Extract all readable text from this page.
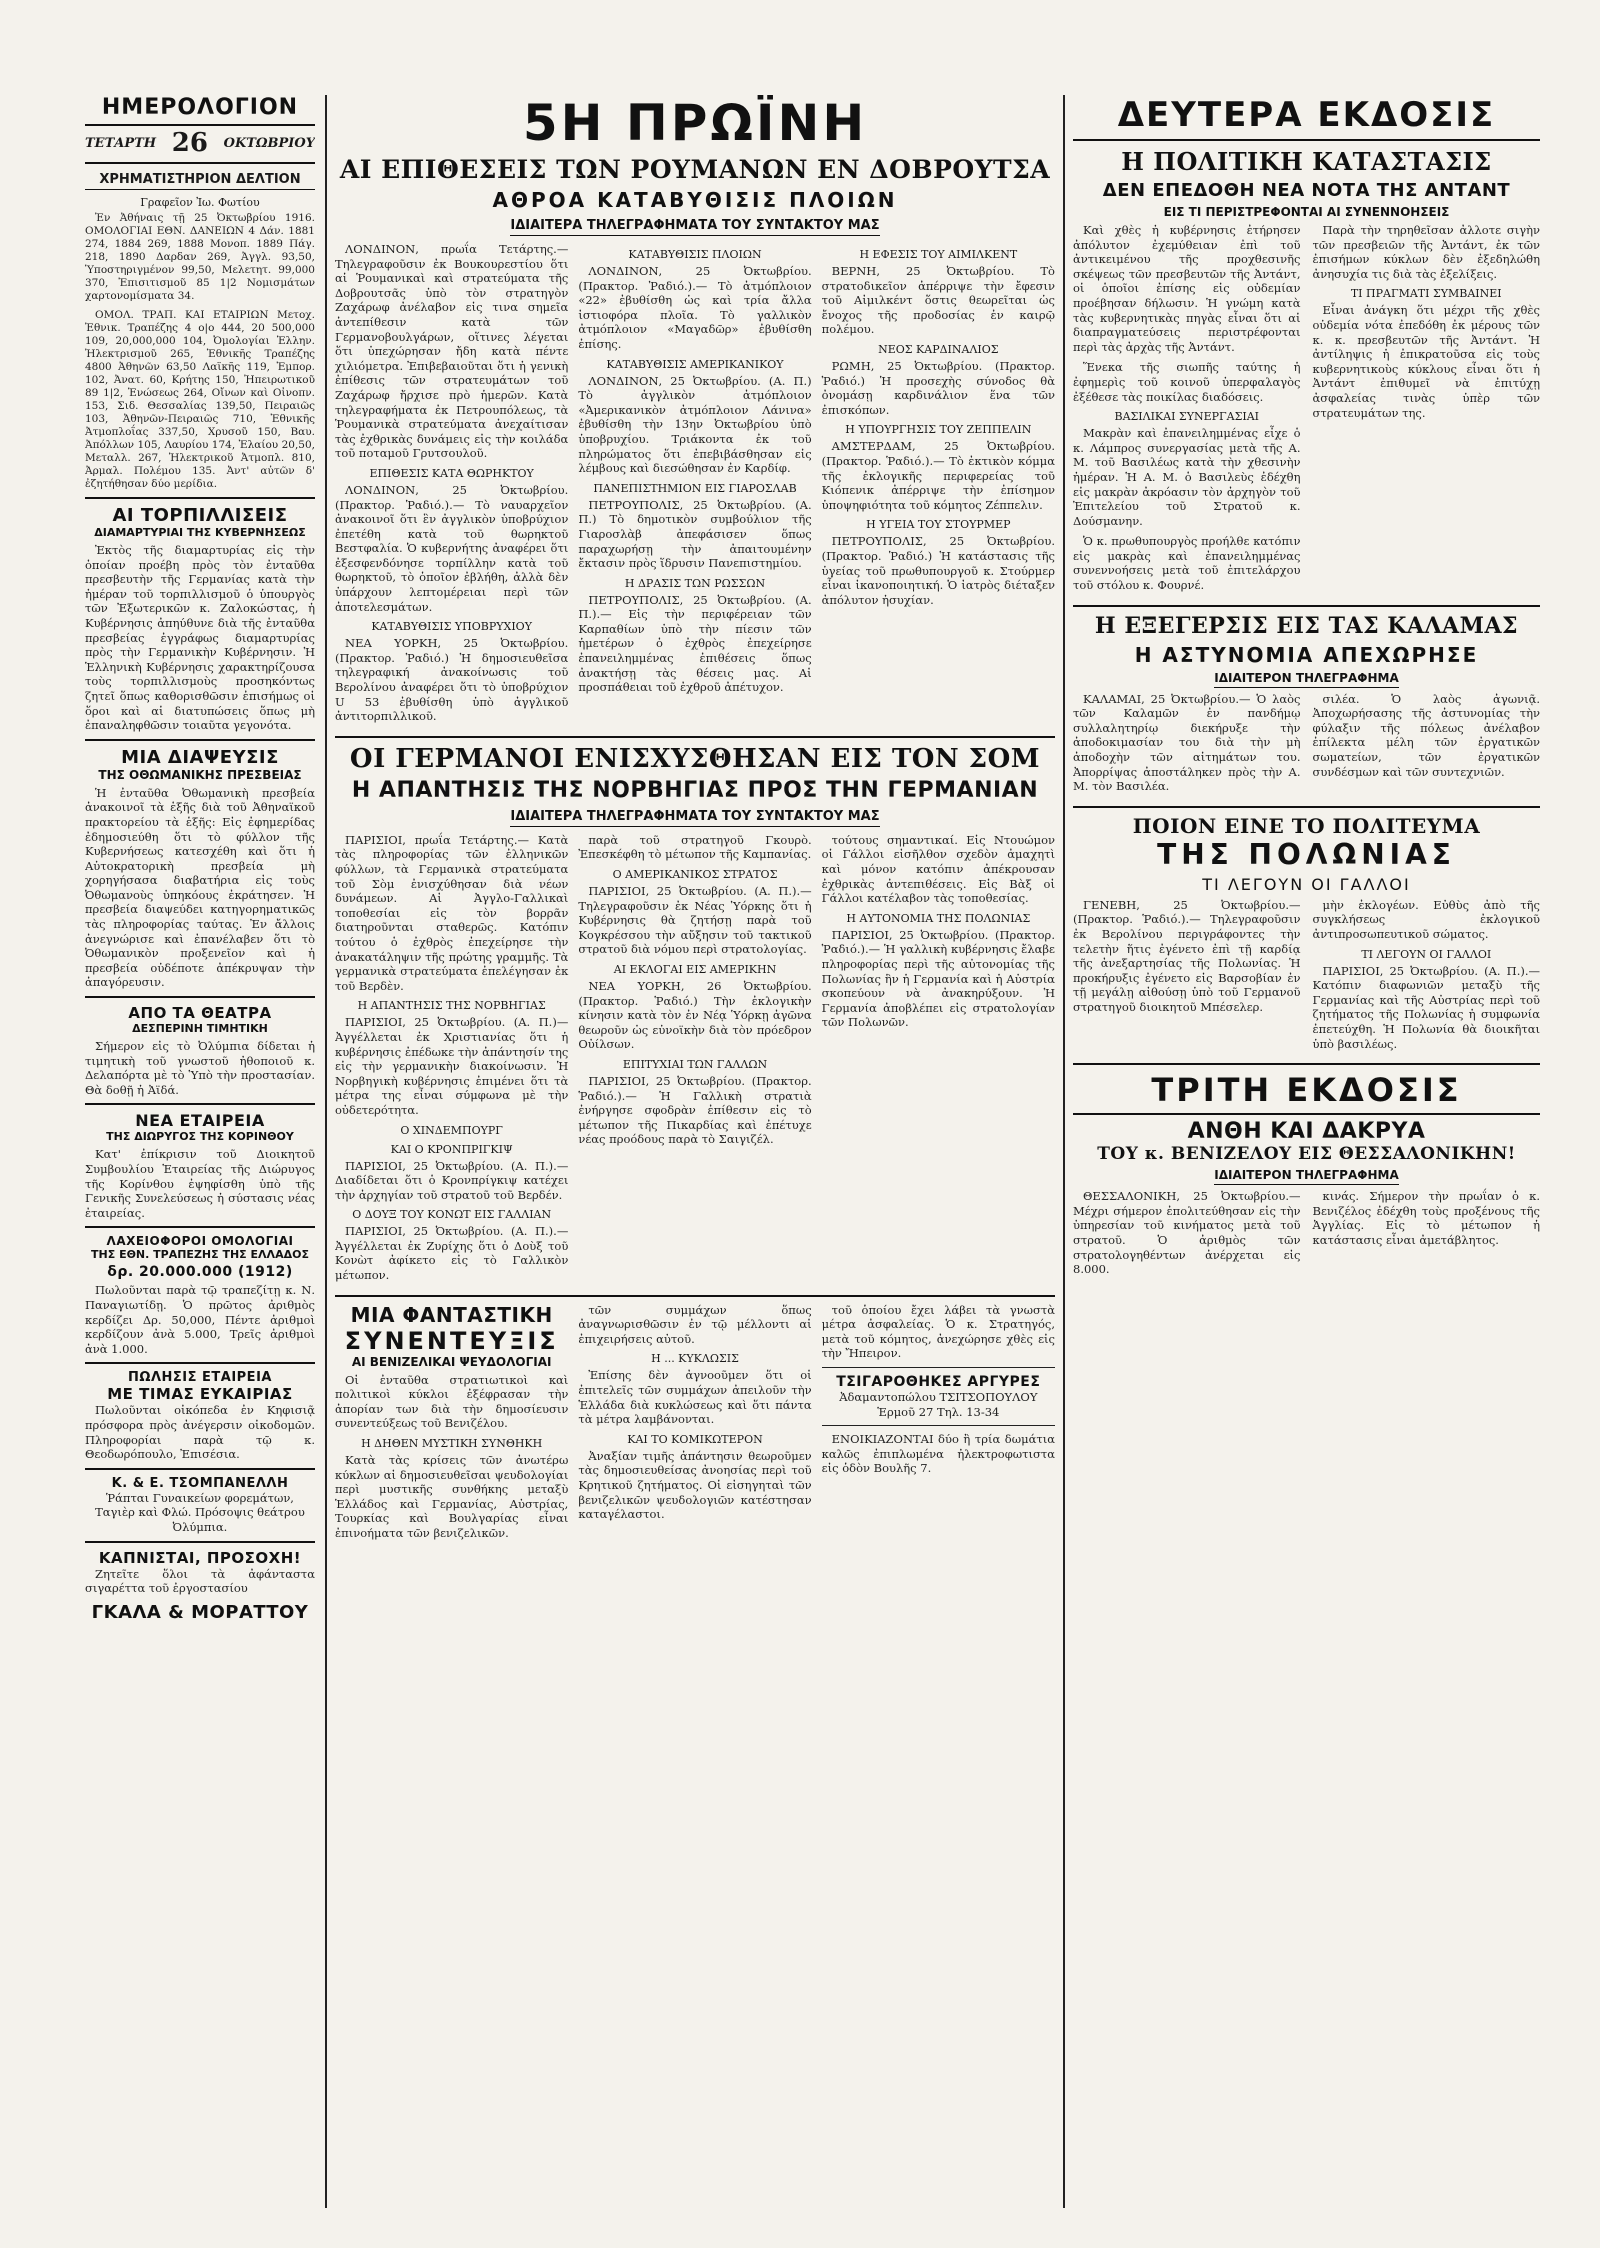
ΗΜΕΡΟΛΟΓΙΟΝ
ΤΕΤΑΡΤΗ 26 ΟΚΤΩΒΡΙΟΥ
ΧΡΗΜΑΤΙΣΤΗΡΙΟΝ ΔΕΛΤΙΟΝ
Γραφεῖον Ἰω. Φωτίου

Ἐν Ἀθήναις τῇ 25 Ὀκτωβρίου 1916. ΟΜΟΛΟΓΙΑΙ ΕΘΝ. ΔΑΝΕΙΩΝ 4 Δάν. 1881 274, 1884 269, 1888 Μονοπ. 1889 Πάγ. 218, 1890 Δαρδαν 269, Ἀγγλ. 93,50, Ὑποστηριγμένον 99,50, Μελετητ. 99,000 370, Ἐπισιτισμοῦ 85 1|2 Νομισμάτων χαρτονομίσματα 34.

ΟΜΟΛ. ΤΡΑΠ. ΚΑΙ ΕΤΑΙΡΙΩΝ Μετοχ. Ἐθνικ. Τραπέζης 4 ο|ο 444, 20 500,000 109, 20,000,000 104, Ὀμολογίαι Ἑλλην. Ἠλεκτρισμοῦ 265, Ἐθνικῆς Τραπέζης 4800 Ἀθηνῶν 63,50 Λαϊκῆς 119, Ἐμπορ. 102, Ἀνατ. 60, Κρήτης 150, Ἠπειρωτικοῦ 89 1|2, Ἑνώσεως 264, Οἴνων καὶ Οἰνοπν. 153, Σιδ. Θεσσαλίας 139,50, Πειραιῶς 103, Ἀθηνῶν-Πειραιῶς 710, Ἐθνικῆς Ἀτμοπλοΐας 337,50, Χρυσοῦ 150, Βαυ. Ἀπόλλων 105, Λαυρίου 174, Ἐλαίου 20,50, Μεταλλ. 267, Ἠλεκτρικοῦ Ἀτμοπλ. 810, Ἀρμαλ. Πολέμου 135. Ἀντ' αὐτῶν δ' ἐζητήθησαν δύο μερίδια.

ΑΙ ΤΟΡΠΙΛΛΙΣΕΙΣ
ΔΙΑΜΑΡΤΥΡΙΑΙ ΤΗΣ ΚΥΒΕΡΝΗΣΕΩΣ

Ἐκτὸς τῆς διαμαρτυρίας εἰς τὴν ὁποίαν προέβη πρὸς τὸν ἐνταῦθα πρεσβευτὴν τῆς Γερμανίας κατὰ τὴν ἡμέραν τοῦ τορπιλλισμοῦ ὁ ὑπουργὸς τῶν Ἐξωτερικῶν κ. Ζαλοκώστας, ἡ Κυβέρνησις ἀπηύθυνε διὰ τῆς ἐνταῦθα πρεσβείας ἐγγράφως διαμαρτυρίας πρὸς τὴν Γερμανικὴν Κυβέρνησιν. Ἡ Ἑλληνικὴ Κυβέρνησις χαρακτηρίζουσα τοὺς τορπιλλισμοὺς προσηκόντως ζητεῖ ὅπως καθορισθῶσιν ἐπισήμως οἱ ὅροι καὶ αἱ διατυπώσεις ὅπως μὴ ἐπαναληφθῶσιν τοιαῦτα γεγονότα.

ΜΙΑ ΔΙΑΨΕΥΣΙΣ
ΤΗΣ ΟΘΩΜΑΝΙΚΗΣ ΠΡΕΣΒΕΙΑΣ

Ἡ ἐνταῦθα Ὀθωμανικὴ πρεσβεία ἀνακοινοῖ τὰ ἑξῆς διὰ τοῦ Ἀθηναϊκοῦ πρακτορείου τὰ ἑξῆς: Εἰς ἐφημερίδας ἐδημοσιεύθη ὅτι τὸ φύλλον τῆς Κυβερνήσεως κατεσχέθη καὶ ὅτι ἡ Αὐτοκρατορικὴ πρεσβεία μὴ χορηγήσασα διαβατήρια εἰς τοὺς Ὀθωμανοὺς ὑπηκόους ἐκράτησεν. Ἡ πρεσβεία διαψεύδει κατηγορηματικῶς τὰς πληροφορίας ταύτας. Ἐν ἄλλοις ἀνεγνώρισε καὶ ἐπανέλαβεν ὅτι τὸ Ὀθωμανικὸν προξενεῖον καὶ ἡ πρεσβεία οὐδέποτε ἀπέκρυψαν τὴν ἀπαγόρευσιν.

ΑΠΟ ΤΑ ΘΕΑΤΡΑ
ΔΕΣΠΕΡΙΝΗ ΤΙΜΗΤΙΚΗ

Σήμερον εἰς τὸ Ὀλύμπια δίδεται ἡ τιμητικὴ τοῦ γνωστοῦ ἠθοποιοῦ κ. Δελαπόρτα μὲ τὸ Ὑπὸ τὴν προστασίαν. Θὰ δοθῇ ἡ Ἀϊδά.

ΝΕΑ ΕΤΑΙΡΕΙΑ
ΤΗΣ ΔΙΩΡΥΓΟΣ ΤΗΣ ΚΟΡΙΝΘΟΥ

Κατ' ἐπίκρισιν τοῦ Διοικητοῦ Συμβουλίου Ἑταιρείας τῆς Διώρυγος τῆς Κορίνθου ἐψηφίσθη ὑπὸ τῆς Γενικῆς Συνελεύσεως ἡ σύστασις νέας ἐταιρείας.

ΛΑΧΕΙΟΦΟΡΟΙ ΟΜΟΛΟΓΙΑΙ
ΤΗΣ ΕΘΝ. ΤΡΑΠΕΖΗΣ ΤΗΣ ΕΛΛΑΔΟΣ
δρ. 20.000.000 (1912)

Πωλοῦνται παρὰ τῷ τραπεζίτῃ κ. Ν. Παναγιωτίδῃ. Ὁ πρῶτος ἀριθμὸς κερδίζει Δρ. 50,000, Πέντε ἀριθμοὶ κερδίζουν ἀνὰ 5.000, Τρεῖς ἀριθμοὶ ἀνὰ 1.000.

ΠΩΛΗΣΙΣ ΕΤΑΙΡΕΙΑ
ΜΕ ΤΙΜΑΣ ΕΥΚΑΙΡΙΑΣ

Πωλοῦνται οἰκόπεδα ἐν Κηφισιᾷ πρόσφορα πρὸς ἀνέγερσιν οἰκοδομῶν. Πληροφορίαι παρὰ τῷ κ. Θεοδωρόπουλο, Ἐπισέσια.

Κ. & Ε. ΤΣΟΜΠΑΝΕΛΛΗ

Ῥάπται Γυναικείων φορεμάτων, Ταγιὲρ καὶ Φλώ. Πρόσοψις θεάτρου Ὀλύμπια.

ΚΑΠΝΙΣΤΑΙ, ΠΡΟΣΟΧΗ!

Ζητεῖτε ὅλοι τὰ ἀφάνταστα σιγαρέττα τοῦ ἐργοστασίου

ΓΚΑΛΑ & ΜΟΡΑΤΤΟΥ
5Η ΠΡΩΪΝΗ
ΑΙ ΕΠΙΘΕΣΕΙΣ ΤΩΝ ΡΟΥΜΑΝΩΝ ΕΝ ΔΟΒΡΟΥΤΣΑ
ΑΘΡΟΑ ΚΑΤΑΒΥΘΙΣΙΣ ΠΛΟΙΩΝ
ΙΔΙΑΙΤΕΡΑ ΤΗΛΕΓΡΑΦΗΜΑΤΑ ΤΟΥ ΣΥΝΤΑΚΤΟΥ ΜΑΣ

ΛΟΝΔΙΝΟΝ, πρωΐα Τετάρτης.— Τηλεγραφοῦσιν ἐκ Βουκουρεστίου ὅτι αἱ Ῥουμανικαὶ καὶ στρατεύματα τῆς Δοβρουτσᾶς ὑπὸ τὸν στρατηγὸν Ζαχάρωφ ἀνέλαβον εἰς τινα σημεῖα ἀντεπίθεσιν κατὰ τῶν Γερμανοβουλγάρων, οἵτινες λέγεται ὅτι ὑπεχώρησαν ἤδη κατὰ πέντε χιλιόμετρα. Ἐπιβεβαιοῦται ὅτι ἡ γενικὴ ἐπίθεσις τῶν στρατευμάτων τοῦ Ζαχάρωφ ἤρχισε πρὸ ἡμερῶν. Κατὰ τηλεγραφήματα ἐκ Πετρουπόλεως, τὰ Ῥουμανικὰ στρατεύματα ἀνεχαίτισαν τὰς ἐχθρικὰς δυνάμεις εἰς τὴν κοιλάδα τοῦ ποταμοῦ Γρυτσουλοῦ.

ΕΠΙΘΕΣΙΣ ΚΑΤΑ ΘΩΡΗΚΤΟΥ

ΛΟΝΔΙΝΟΝ, 25 Ὀκτωβρίου. (Πρακτορ. Ῥαδιό.).— Τὸ ναυαρχεῖον ἀνακοινοῖ ὅτι ἓν ἀγγλικὸν ὑποβρύχιον ἐπετέθη κατὰ τοῦ θωρηκτοῦ Βεστφαλία. Ὁ κυβερνήτης ἀναφέρει ὅτι ἐξεσφενδόνησε τορπίλλην κατὰ τοῦ θωρηκτοῦ, τὸ ὁποῖον ἐβλήθη, ἀλλὰ δὲν ὑπάρχουν λεπτομέρειαι περὶ τῶν ἀποτελεσμάτων.

ΚΑΤΑΒΥΘΙΣΙΣ ΥΠΟΒΡΥΧΙΟΥ

ΝΕΑ ΥΟΡΚΗ, 25 Ὀκτωβρίου. (Πρακτορ. Ῥαδιό.) Ἡ δημοσιευθεῖσα τηλεγραφική ἀνακοίνωσις τοῦ Βερολίνου ἀναφέρει ὅτι τὸ ὑποβρύχιον U 53 ἐβυθίσθη ὑπὸ ἀγγλικοῦ ἀντιτορπιλλικοῦ.

ΚΑΤΑΒΥΘΙΣΙΣ ΠΛΟΙΩΝ

ΛΟΝΔΙΝΟΝ, 25 Ὀκτωβρίου. (Πρακτορ. Ῥαδιό.).— Τὸ ἀτμόπλοιον «22» ἐβυθίσθη ὡς καὶ τρία ἄλλα ἱστιοφόρα πλοῖα. Τὸ γαλλικὸν ἀτμόπλοιον «Μαγαδῶρ» ἐβυθίσθη ἐπίσης.

ΚΑΤΑΒΥΘΙΣΙΣ ΑΜΕΡΙΚΑΝΙΚΟΥ

ΛΟΝΔΙΝΟΝ, 25 Ὀκτωβρίου. (Α. Π.) Τὸ ἀγγλικὸν ἀτμόπλοιον «Ἀμερικανικὸν ἀτμόπλοιον Λάνινα» ἐβυθίσθη τὴν 13ην Ὀκτωβρίου ὑπὸ ὑποβρυχίου. Τριάκοντα ἐκ τοῦ πληρώματος ὅτι ἐπεβιβάσθησαν εἰς λέμβους καὶ διεσώθησαν ἐν Καρδίφ.

ΠΑΝΕΠΙΣΤΗΜΙΟΝ ΕΙΣ ΓΙΑΡΟΣΛΑΒ

ΠΕΤΡΟΥΠΟΛΙΣ, 25 Ὀκτωβρίου. (Α. Π.) Τὸ δημοτικὸν συμβούλιον τῆς Γιαροσλὰβ ἀπεφάσισεν ὅπως παραχωρήσῃ τὴν ἀπαιτουμένην ἔκτασιν πρὸς ἵδρυσιν Πανεπιστημίου.

Η ΔΡΑΣΙΣ ΤΩΝ ΡΩΣΣΩΝ

ΠΕΤΡΟΥΠΟΛΙΣ, 25 Ὀκτωβρίου. (Α. Π.).— Εἰς τὴν περιφέρειαν τῶν Καρπαθίων ὑπὸ τὴν πίεσιν τῶν ἡμετέρων ὁ ἐχθρὸς ἐπεχείρησε ἐπανειλημμένας ἐπιθέσεις ὅπως ἀνακτήσῃ τὰς θέσεις μας. Αἱ προσπάθειαι τοῦ ἐχθροῦ ἀπέτυχον.

Η ΕΦΕΣΙΣ ΤΟΥ ΑΙΜΙΛΚΕΝΤ

ΒΕΡΝΗ, 25 Ὀκτωβρίου. Τὸ στρατοδικεῖον ἀπέρριψε τὴν ἔφεσιν τοῦ Αἰμιλκέντ ὅστις θεωρεῖται ὡς ἔνοχος τῆς προδοσίας ἐν καιρῷ πολέμου.

ΝΕΟΣ ΚΑΡΔΙΝΑΛΙΟΣ

ΡΩΜΗ, 25 Ὀκτωβρίου. (Πρακτορ. Ῥαδιό.) Ἡ προσεχὴς σύνοδος θὰ ὀνομάσῃ καρδινάλιον ἕνα τῶν ἐπισκόπων.

Η ΥΠΟΥΡΓΗΣΙΣ ΤΟΥ ΖΕΠΠΕΛΙΝ

ΑΜΣΤΕΡΔΑΜ, 25 Ὀκτωβρίου. (Πρακτορ. Ῥαδιό.).— Τὸ ἐκτικὸν κόμμα τῆς ἐκλογικῆς περιφερείας τοῦ Κιόπενικ ἀπέρριψε τὴν ἐπίσημον ὑποψηφιότητα τοῦ κόμητος Ζέππελιν.

Η ΥΓΕΙΑ ΤΟΥ ΣΤΟΥΡΜΕΡ

ΠΕΤΡΟΥΠΟΛΙΣ, 25 Ὀκτωβρίου. (Πρακτορ. Ῥαδιό.) Ἡ κατάστασις τῆς ὑγείας τοῦ πρωθυπουργοῦ κ. Στούρμερ εἶναι ἱκανοποιητική. Ὁ ἰατρὸς διέταξεν ἀπόλυτον ἡσυχίαν.

ΟΙ ΓΕΡΜΑΝΟΙ ΕΝΙΣΧΥΣΘΗΣΑΝ ΕΙΣ ΤΟΝ ΣΟΜ
Η ΑΠΑΝΤΗΣΙΣ ΤΗΣ ΝΟΡΒΗΓΙΑΣ ΠΡΟΣ ΤΗΝ ΓΕΡΜΑΝΙΑΝ
ΙΔΙΑΙΤΕΡΑ ΤΗΛΕΓΡΑΦΗΜΑΤΑ ΤΟΥ ΣΥΝΤΑΚΤΟΥ ΜΑΣ

ΠΑΡΙΣΙΟΙ, πρωΐα Τετάρτης.— Κατὰ τὰς πληροφορίας τῶν ἐλληνικῶν φύλλων, τὰ Γερμανικὰ στρατεύματα τοῦ Σὸμ ἐνισχύθησαν διὰ νέων δυνάμεων. Αἱ Ἀγγλο-Γαλλικαὶ τοποθεσίαι εἰς τὸν βορρᾶν διατηροῦνται σταθερῶς. Κατόπιν τούτου ὁ ἐχθρὸς ἐπεχείρησε τὴν ἀνακατάληψιν τῆς πρώτης γραμμῆς. Τὰ γερμανικὰ στρατεύματα ἐπελέγησαν ἐκ τοῦ Βερδὲν.

Η ΑΠΑΝΤΗΣΙΣ ΤΗΣ ΝΟΡΒΗΓΙΑΣ

ΠΑΡΙΣΙΟΙ, 25 Ὀκτωβρίου. (Α. Π.)— Ἀγγέλλεται ἐκ Χριστιανίας ὅτι ἡ κυβέρνησις ἐπέδωκε τὴν ἀπάντησίν της εἰς τὴν γερμανικὴν διακοίνωσιν. Ἡ Νορβηγικὴ κυβέρνησις ἐπιμένει ὅτι τὰ μέτρα της εἶναι σύμφωνα μὲ τὴν οὐδετερότητα.

Ο ΧΙΝΔΕΜΠΟΥΡΓ
ΚΑΙ Ο ΚΡΟΝΠΡΙΓΚΙΨ

ΠΑΡΙΣΙΟΙ, 25 Ὀκτωβρίου. (Α. Π.).— Διαδίδεται ὅτι ὁ Κρονπρίγκιψ κατέχει τὴν ἀρχηγίαν τοῦ στρατοῦ τοῦ Βερδέν.

Ο ΔΟΥΞ ΤΟΥ ΚΟΝΩΤ ΕΙΣ ΓΑΛΛΙΑΝ

ΠΑΡΙΣΙΟΙ, 25 Ὀκτωβρίου. (Α. Π.).— Ἀγγέλλεται ἐκ Ζυρίχης ὅτι ὁ Δοὺξ τοῦ Κονὼτ ἀφίκετο εἰς τὸ Γαλλικὸν μέτωπον.

παρὰ τοῦ στρατηγοῦ Γκουρὸ. Ἐπεσκέφθη τὸ μέτωπον τῆς Καμπανίας.

Ο ΑΜΕΡΙΚΑΝΙΚΟΣ ΣΤΡΑΤΟΣ

ΠΑΡΙΣΙΟΙ, 25 Ὀκτωβρίου. (Α. Π.).— Τηλεγραφοῦσιν ἐκ Νέας Ὑόρκης ὅτι ἡ Κυβέρνησις θὰ ζητήσῃ παρὰ τοῦ Κογκρέσσου τὴν αὔξησιν τοῦ τακτικοῦ στρατοῦ διὰ νόμου περὶ στρατολογίας.

ΑΙ ΕΚΛΟΓΑΙ ΕΙΣ ΑΜΕΡΙΚΗΝ

ΝΕΑ ΥΟΡΚΗ, 26 Ὀκτωβρίου. (Πρακτορ. Ῥαδιό.) Τὴν ἐκλογικὴν κίνησιν κατὰ τὸν ἐν Νέᾳ Ὑόρκῃ ἀγῶνα θεωροῦν ὡς εὐνοϊκὴν διὰ τὸν πρόεδρον Οὐίλσων.

ΕΠΙΤΥΧΙΑΙ ΤΩΝ ΓΑΛΛΩΝ

ΠΑΡΙΣΙΟΙ, 25 Ὀκτωβρίου. (Πρακτορ. Ῥαδιό.).— Ἡ Γαλλικὴ στρατιὰ ἐνήργησε σφοδρὰν ἐπίθεσιν εἰς τὸ μέτωπον τῆς Πικαρδίας καὶ ἐπέτυχε νέας προόδους παρὰ τὸ Σαιγιζέλ.

τούτους σημαντικαί. Εἰς Ντουώμον οἱ Γάλλοι εἰσῆλθον σχεδὸν ἀμαχητὶ καὶ μόνον κατόπιν ἀπέκρουσαν ἐχθρικὰς ἀντεπιθέσεις. Εἰς Βὰξ οἱ Γάλλοι κατέλαβον τὰς τοποθεσίας.

Η ΑΥΤΟΝΟΜΙΑ ΤΗΣ ΠΟΛΩΝΙΑΣ

ΠΑΡΙΣΙΟΙ, 25 Ὀκτωβρίου. (Πρακτορ. Ῥαδιό.).— Ἡ γαλλικὴ κυβέρνησις ἔλαβε πληροφορίας περὶ τῆς αὐτονομίας τῆς Πολωνίας ἣν ἡ Γερμανία καὶ ἡ Αὐστρία σκοπεύουν νὰ ἀνακηρύξουν. Ἡ Γερμανία ἀποβλέπει εἰς στρατολογίαν τῶν Πολωνῶν.

ΜΙΑ ΦΑΝΤΑΣΤΙΚΗ
ΣΥΝΕΝΤΕΥΞΙΣ
ΑΙ ΒΕΝΙΖΕΛΙΚΑΙ ΨΕΥΔΟΛΟΓΙΑΙ

Οἱ ἐνταῦθα στρατιωτικοὶ καὶ πολιτικοὶ κύκλοι ἐξέφρασαν τὴν ἀπορίαν των διὰ τὴν δημοσίευσιν συνεντεύξεως τοῦ Βενιζέλου.

Η ΔΗΘΕΝ ΜΥΣΤΙΚΗ ΣΥΝΘΗΚΗ

Κατὰ τὰς κρίσεις τῶν ἀνωτέρω κύκλων αἱ δημοσιευθεῖσαι ψευδολογίαι περὶ μυστικῆς συνθήκης μεταξὺ Ἑλλάδος καὶ Γερμανίας, Αὐστρίας, Τουρκίας καὶ Βουλγαρίας εἶναι ἐπινοήματα τῶν βενιζελικῶν.

τῶν συμμάχων ὅπως ἀναγνωρισθῶσιν ἐν τῷ μέλλοντι αἱ ἐπιχειρήσεις αὐτοῦ.

Η ... ΚΥΚΛΩΣΙΣ

Ἐπίσης δὲν ἀγνοοῦμεν ὅτι οἱ ἐπιτελεῖς τῶν συμμάχων ἀπειλοῦν τὴν Ἑλλάδα διὰ κυκλώσεως καὶ ὅτι πάντα τὰ μέτρα λαμβάνονται.

ΚΑΙ ΤΟ ΚΟΜΙΚΩΤΕΡΟΝ

Ἀναξίαν τιμῆς ἀπάντησιν θεωροῦμεν τὰς δημοσιευθείσας ἀνοησίας περὶ τοῦ Κρητικοῦ ζητήματος. Οἱ εἰσηγηταὶ τῶν βενιζελικῶν ψευδολογιῶν κατέστησαν καταγέλαστοι.

τοῦ ὁποίου ἔχει λάβει τὰ γνωστὰ μέτρα ἀσφαλείας. Ὁ κ. Στρατηγός, μετὰ τοῦ κόμητος, ἀνεχώρησε χθὲς εἰς τὴν Ἤπειρον.

ΤΣΙΓΑΡΟΘΗΚΕΣ ΑΡΓΥΡΕΣ

Ἀδαμαντοπώλου ΤΣΙΤΣΟΠΟΥΛΟΥ Ἑρμοῦ 27 Τηλ. 13-34

ΕΝΟΙΚΙΑΖΟΝΤΑΙ δύο ἢ τρία δωμάτια καλῶς ἐπιπλωμένα ἠλεκτροφωτιστα εἰς ὁδὸν Βουλῆς 7.

ΔΕΥΤΕΡΑ ΕΚΔΟΣΙΣ
Η ΠΟΛΙΤΙΚΗ ΚΑΤΑΣΤΑΣΙΣ
ΔΕΝ ΕΠΕΔΟΘΗ ΝΕΑ ΝΟΤΑ ΤΗΣ ΑΝΤΑΝΤ
ΕΙΣ ΤΙ ΠΕΡΙΣΤΡΕΦΟΝΤΑΙ ΑΙ ΣΥΝΕΝΝΟΗΣΕΙΣ

Καὶ χθὲς ἡ κυβέρνησις ἐτήρησεν ἀπόλυτον ἐχεμύθειαν ἐπὶ τοῦ ἀντικειμένου τῆς προχθεσινῆς σκέψεως τῶν πρεσβευτῶν τῆς Ἀντάντ, οἱ ὁποῖοι ἐπίσης εἰς οὐδεμίαν προέβησαν δήλωσιν. Ἡ γνώμη κατὰ τὰς κυβερνητικὰς πηγὰς εἶναι ὅτι αἱ διαπραγματεύσεις περιστρέφονται περὶ τὰς ἀρχὰς τῆς Ἀντάντ.

Ἕνεκα τῆς σιωπῆς ταύτης ἡ ἐφημερὶς τοῦ κοινοῦ ὑπερφαλαγὸς ἐξέθεσε τὰς ποικίλας διαδόσεις.

ΒΑΣΙΛΙΚΑΙ ΣΥΝΕΡΓΑΣΙΑΙ

Μακρὰν καὶ ἐπανειλημμένας εἶχε ὁ κ. Λάμπρος συνεργασίας μετὰ τῆς Α. Μ. τοῦ Βασιλέως κατὰ τὴν χθεσινὴν ἡμέραν. Ἡ Α. Μ. ὁ Βασιλεὺς ἐδέχθη εἰς μακρὰν ἀκρόασιν τὸν ἀρχηγὸν τοῦ Ἐπιτελείου τοῦ Στρατοῦ κ. Δούσμανην.

Ὁ κ. πρωθυπουργὸς προήλθε κατόπιν εἰς μακρὰς καὶ ἐπανειλημμένας συνεννοήσεις μετὰ τοῦ ἐπιτελάρχου τοῦ στόλου κ. Φουρνέ.

Παρὰ τὴν τηρηθεῖσαν ἀλλοτε σιγὴν τῶν πρεσβειῶν τῆς Ἀντάντ, ἐκ τῶν ἐπισήμων κύκλων δὲν ἐξεδηλώθη ἀνησυχία τις διὰ τὰς ἐξελίξεις.

ΤΙ ΠΡΑΓΜΑΤΙ ΣΥΜΒΑΙΝΕΙ

Εἶναι ἀνάγκη ὅτι μέχρι τῆς χθὲς οὐδεμία νότα ἐπεδόθη ἐκ μέρους τῶν κ. κ. πρεσβευτῶν τῆς Ἀντάντ. Ἡ ἀντίληψις ἡ ἐπικρατοῦσα εἰς τοὺς κυβερνητικοὺς κύκλους εἶναι ὅτι ἡ Ἀντάντ ἐπιθυμεῖ νὰ ἐπιτύχῃ ἀσφαλείας τινὰς ὑπὲρ τῶν στρατευμάτων της.

Η ΕΞΕΓΕΡΣΙΣ ΕΙΣ ΤΑΣ ΚΑΛΑΜΑΣ
Η ΑΣΤΥΝΟΜΙΑ ΑΠΕΧΩΡΗΣΕ
ΙΔΙΑΙΤΕΡΟΝ ΤΗΛΕΓΡΑΦΗΜΑ

ΚΑΛΑΜΑΙ, 25 Ὀκτωβρίου.— Ὁ λαὸς τῶν Καλαμῶν ἐν πανδήμῳ συλλαλητηρίῳ διεκήρυξε τὴν ἀποδοκιμασίαν του διὰ τὴν μὴ ἀποδοχὴν τῶν αἰτημάτων του. Ἀπορρίψας ἀποστάληκεν πρὸς τὴν Α. Μ. τὸν Βασιλέα.

σιλέα. Ὁ λαὸς ἀγωνιᾷ. Ἀποχωρήσασης τῆς ἀστυνομίας τὴν φύλαξιν τῆς πόλεως ἀνέλαβον ἐπίλεκτα μέλη τῶν ἐργατικῶν σωματείων, τῶν ἐργατικῶν συνδέσμων καὶ τῶν συντεχνιῶν.

ΠΟΙΟΝ ΕΙΝΕ ΤΟ ΠΟΛΙΤΕΥΜΑ
ΤΗΣ ΠΟΛΩΝΙΑΣ
ΤΙ ΛΕΓΟΥΝ ΟΙ ΓΑΛΛΟΙ

ΓΕΝΕΒΗ, 25 Ὀκτωβρίου.— (Πρακτορ. Ῥαδιό.).— Τηλεγραφοῦσιν ἐκ Βερολίνου περιγράφοντες τὴν τελετὴν ἥτις ἐγένετο ἐπὶ τῇ καρδίᾳ τῆς ἀνεξαρτησίας τῆς Πολωνίας. Ἡ προκήρυξις ἐγένετο εἰς Βαρσοβίαν ἐν τῇ μεγάλῃ αἰθούσῃ ὑπὸ τοῦ Γερμανοῦ στρατηγοῦ διοικητοῦ Μπέσελερ.

μὴν ἐκλογέων. Εὐθὺς ἀπὸ τῆς συγκλήσεως ἐκλογικοῦ ἀντιπροσωπευτικοῦ σώματος.

ΤΙ ΛΕΓΟΥΝ ΟΙ ΓΑΛΛΟΙ

ΠΑΡΙΣΙΟΙ, 25 Ὀκτωβρίου. (Α. Π.).— Κατόπιν διαφωνιῶν μεταξὺ τῆς Γερμανίας καὶ τῆς Αὐστρίας περὶ τοῦ ζητήματος τῆς Πολωνίας ἡ συμφωνία ἐπετεύχθη. Ἡ Πολωνία θὰ διοικῆται ὑπὸ βασιλέως.

ΤΡΙΤΗ ΕΚΔΟΣΙΣ
ΑΝΘΗ ΚΑΙ ΔΑΚΡΥΑ
ΤΟΥ κ. ΒΕΝΙΖΕΛΟΥ ΕΙΣ ΘΕΣΣΑΛΟΝΙΚΗΝ!
ΙΔΙΑΙΤΕΡΟΝ ΤΗΛΕΓΡΑΦΗΜΑ

ΘΕΣΣΑΛΟΝΙΚΗ, 25 Ὀκτωβρίου.— Μέχρι σήμερον ἐπολιτεύθησαν εἰς τὴν ὑπηρεσίαν τοῦ κινήματος μετὰ τοῦ στρατοῦ. Ὁ ἀριθμὸς τῶν στρατολογηθέντων ἀνέρχεται εἰς 8.000.

κινάς. Σήμερον τὴν πρωΐαν ὁ κ. Βενιζέλος ἐδέχθη τοὺς προξένους τῆς Ἀγγλίας. Εἰς τὸ μέτωπον ἡ κατάστασις εἶναι ἀμετάβλητος.
